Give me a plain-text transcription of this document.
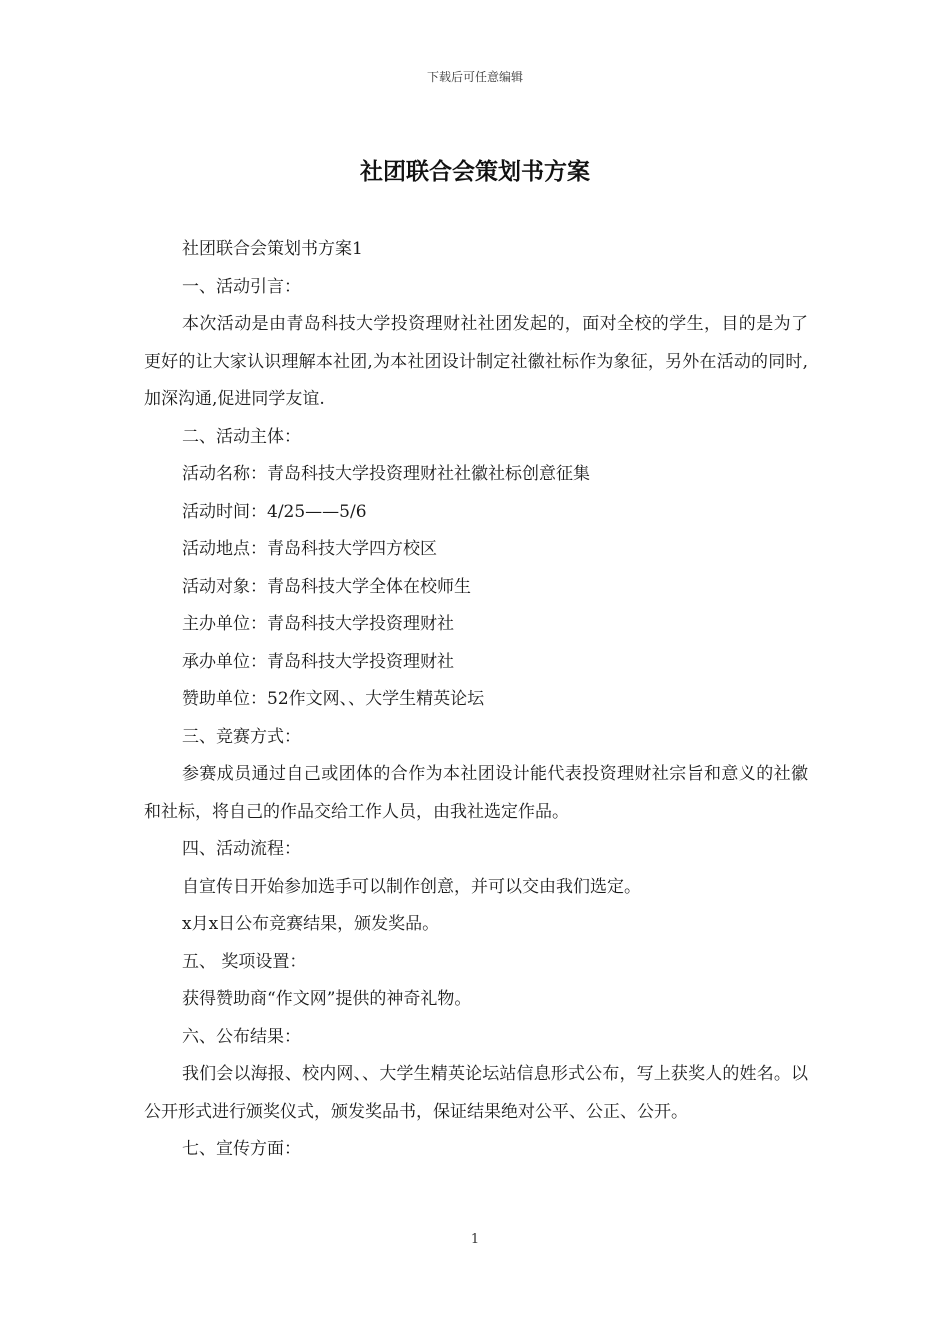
下载后可任意编辑
社团联合会策划书方案

社团联合会策划书方案1

一、活动引言：

本次活动是由青岛科技大学投资理财社社团发起的，面对全校的学生，目的是为了更好的让大家认识理解本社团,为本社团设计制定社徽社标作为象征，另外在活动的同时,加深沟通,促进同学友谊.

二、活动主体：

活动名称：青岛科技大学投资理财社社徽社标创意征集

活动时间：4/25——5/6

活动地点：青岛科技大学四方校区

活动对象：青岛科技大学全体在校师生

主办单位：青岛科技大学投资理财社

承办单位：青岛科技大学投资理财社

赞助单位：52作文网、、大学生精英论坛

三、竞赛方式：

参赛成员通过自己或团体的合作为本社团设计能代表投资理财社宗旨和意义的社徽和社标，将自己的作品交给工作人员，由我社选定作品。

四、活动流程：

自宣传日开始参加选手可以制作创意，并可以交由我们选定。

x月x日公布竞赛结果，颁发奖品。

五、 奖项设置：

获得赞助商“作文网”提供的神奇礼物。

六、公布结果：

我们会以海报、校内网、、大学生精英论坛站信息形式公布，写上获奖人的姓名。以公开形式进行颁奖仪式，颁发奖品书，保证结果绝对公平、公正、公开。

七、宣传方面：

1
